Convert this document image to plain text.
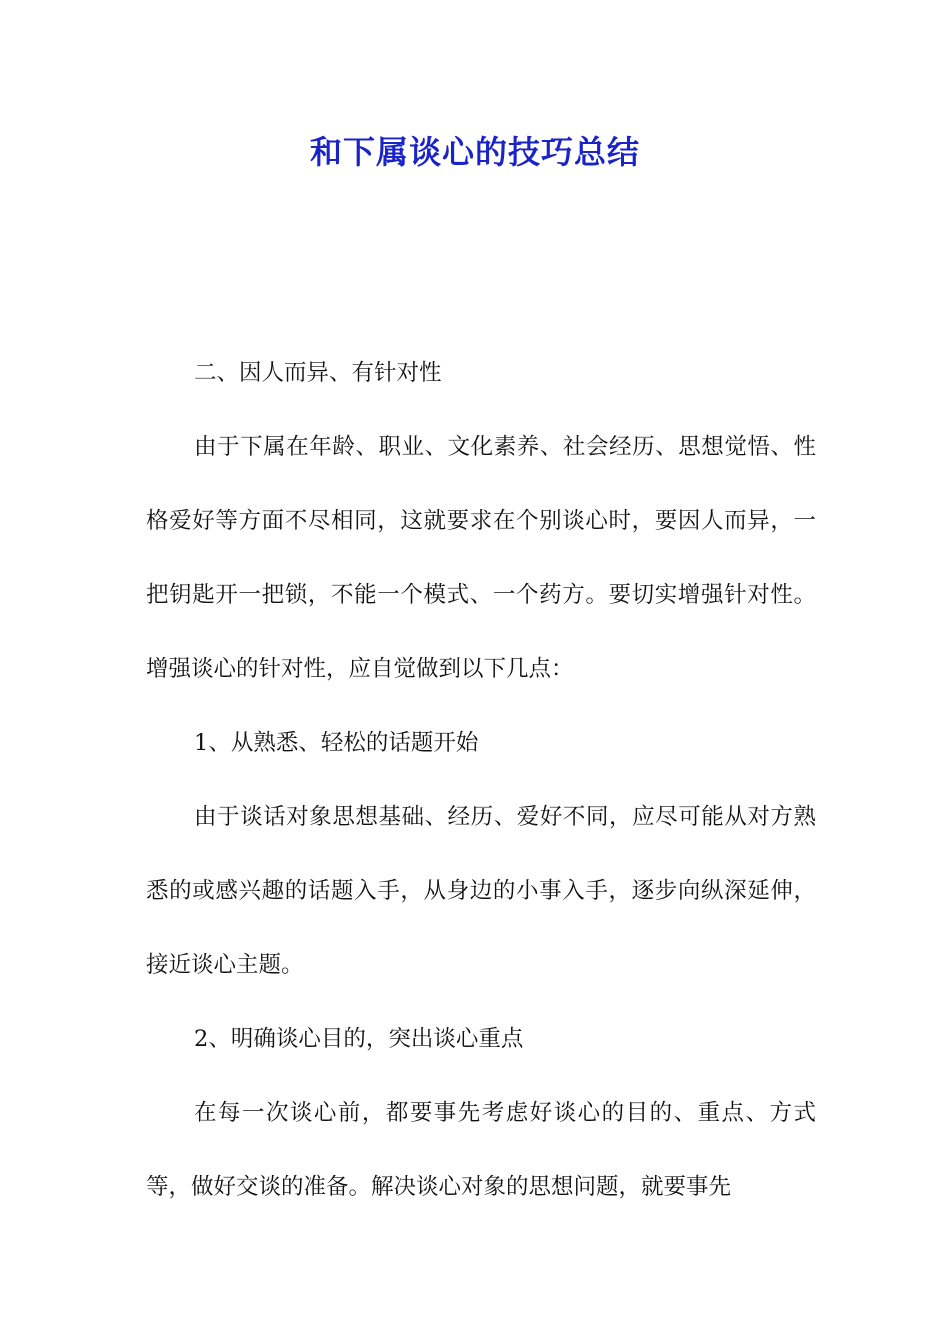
和下属谈心的技巧总结

二、因人而异、有针对性

由于下属在年龄、职业、文化素养、社会经历、思想觉悟、性格爱好等方面不尽相同，这就要求在个别谈心时，要因人而异，一把钥匙开一把锁，不能一个模式、一个药方。要切实增强针对性。增强谈心的针对性，应自觉做到以下几点：

1、从熟悉、轻松的话题开始

由于谈话对象思想基础、经历、爱好不同，应尽可能从对方熟悉的或感兴趣的话题入手，从身边的小事入手，逐步向纵深延伸，接近谈心主题。

2、明确谈心目的，突出谈心重点

在每一次谈心前，都要事先考虑好谈心的目的、重点、方式等，做好交谈的准备。解决谈心对象的思想问题，就要事先
